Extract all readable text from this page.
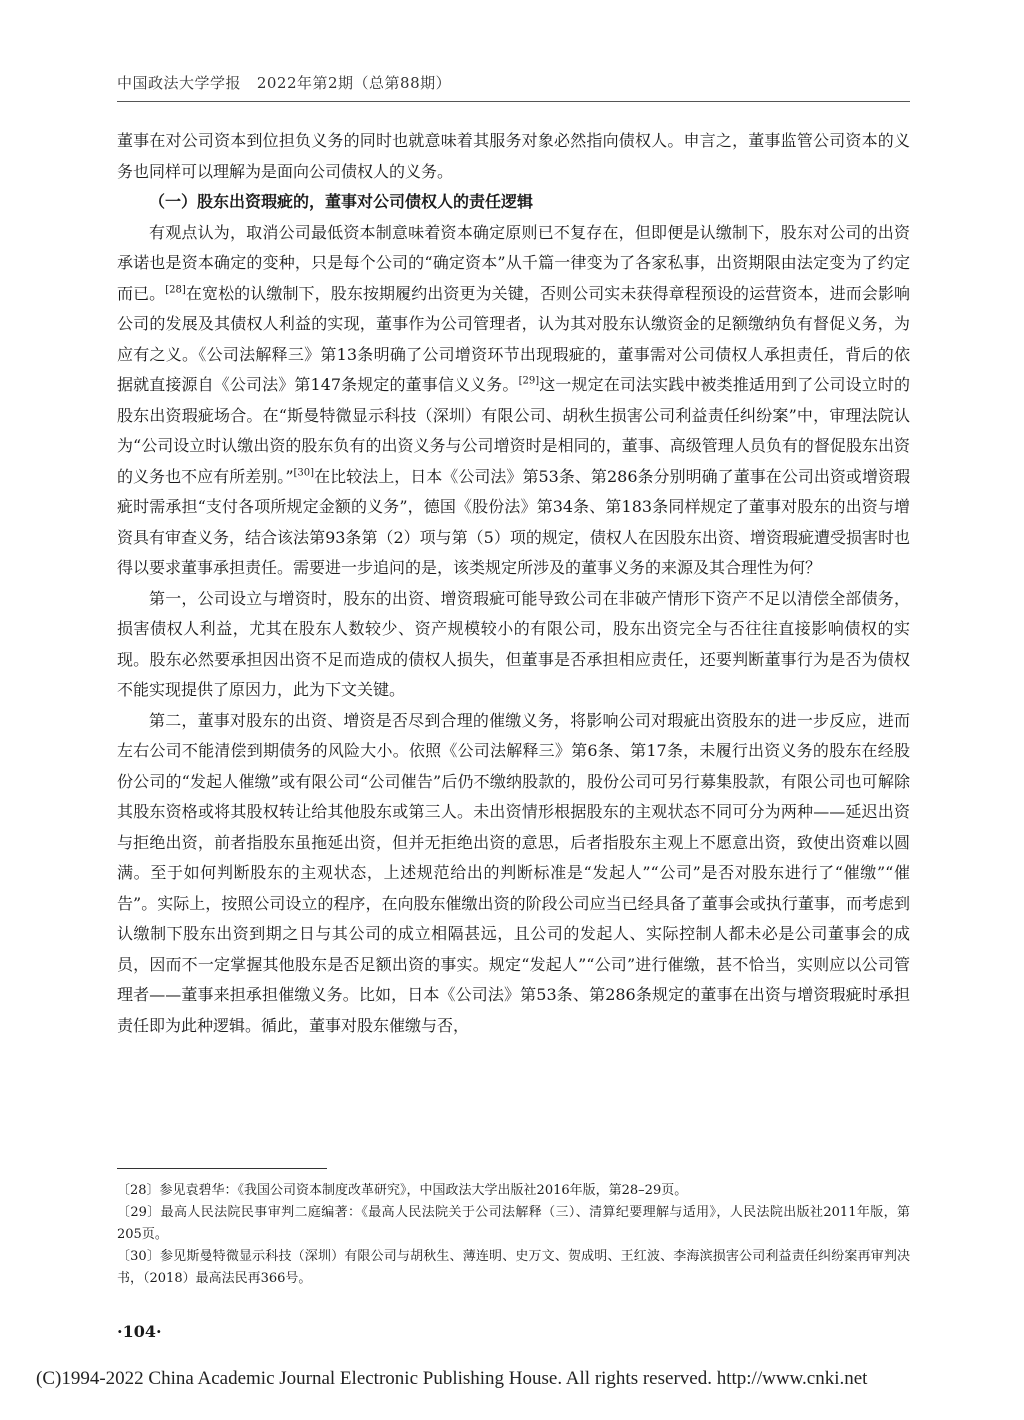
中国政法大学学报 2022年第2期（总第88期）

董事在对公司资本到位担负义务的同时也就意味着其服务对象必然指向债权人。申言之，董事监管公司资本的义务也同样可以理解为是面向公司债权人的义务。

（一）股东出资瑕疵的，董事对公司债权人的责任逻辑

有观点认为，取消公司最低资本制意味着资本确定原则已不复存在，但即便是认缴制下，股东对公司的出资承诺也是资本确定的变种，只是每个公司的“确定资本”从千篇一律变为了各家私事，出资期限由法定变为了约定而已。[28]在宽松的认缴制下，股东按期履约出资更为关键，否则公司实未获得章程预设的运营资本，进而会影响公司的发展及其债权人利益的实现，董事作为公司管理者，认为其对股东认缴资金的足额缴纳负有督促义务，为应有之义。《公司法解释三》第13条明确了公司增资环节出现瑕疵的，董事需对公司债权人承担责任，背后的依据就直接源自《公司法》第147条规定的董事信义义务。[29]这一规定在司法实践中被类推适用到了公司设立时的股东出资瑕疵场合。在“斯曼特微显示科技（深圳）有限公司、胡秋生损害公司利益责任纠纷案”中，审理法院认为“公司设立时认缴出资的股东负有的出资义务与公司增资时是相同的，董事、高级管理人员负有的督促股东出资的义务也不应有所差别。”[30]在比较法上，日本《公司法》第53条、第286条分别明确了董事在公司出资或增资瑕疵时需承担“支付各项所规定金额的义务”，德国《股份法》第34条、第183条同样规定了董事对股东的出资与增资具有审查义务，结合该法第93条第（2）项与第（5）项的规定，债权人在因股东出资、增资瑕疵遭受损害时也得以要求董事承担责任。需要进一步追问的是，该类规定所涉及的董事义务的来源及其合理性为何？

第一，公司设立与增资时，股东的出资、增资瑕疵可能导致公司在非破产情形下资产不足以清偿全部债务，损害债权人利益，尤其在股东人数较少、资产规模较小的有限公司，股东出资完全与否往往直接影响债权的实现。股东必然要承担因出资不足而造成的债权人损失，但董事是否承担相应责任，还要判断董事行为是否为债权不能实现提供了原因力，此为下文关键。

第二，董事对股东的出资、增资是否尽到合理的催缴义务，将影响公司对瑕疵出资股东的进一步反应，进而左右公司不能清偿到期债务的风险大小。依照《公司法解释三》第6条、第17条，未履行出资义务的股东在经股份公司的“发起人催缴”或有限公司“公司催告”后仍不缴纳股款的，股份公司可另行募集股款，有限公司也可解除其股东资格或将其股权转让给其他股东或第三人。未出资情形根据股东的主观状态不同可分为两种——延迟出资与拒绝出资，前者指股东虽拖延出资，但并无拒绝出资的意思，后者指股东主观上不愿意出资，致使出资难以圆满。至于如何判断股东的主观状态，上述规范给出的判断标准是“发起人”“公司”是否对股东进行了“催缴”“催告”。实际上，按照公司设立的程序，在向股东催缴出资的阶段公司应当已经具备了董事会或执行董事，而考虑到认缴制下股东出资到期之日与其公司的成立相隔甚远，且公司的发起人、实际控制人都未必是公司董事会的成员，因而不一定掌握其他股东是否足额出资的事实。规定“发起人”“公司”进行催缴，甚不恰当，实则应以公司管理者——董事来担承担催缴义务。比如，日本《公司法》第53条、第286条规定的董事在出资与增资瑕疵时承担责任即为此种逻辑。循此，董事对股东催缴与否，

〔28〕参见袁碧华：《我国公司资本制度改革研究》，中国政法大学出版社2016年版，第28–29页。

〔29〕最高人民法院民事审判二庭编著：《最高人民法院关于公司法解释（三）、清算纪要理解与适用》，人民法院出版社2011年版，第205页。

〔30〕参见斯曼特微显示科技（深圳）有限公司与胡秋生、薄连明、史万文、贺成明、王红波、李海滨损害公司利益责任纠纷案再审判决书，（2018）最高法民再366号。

·104·
(C)1994-2022 China Academic Journal Electronic Publishing House. All rights reserved. http://www.cnki.net
